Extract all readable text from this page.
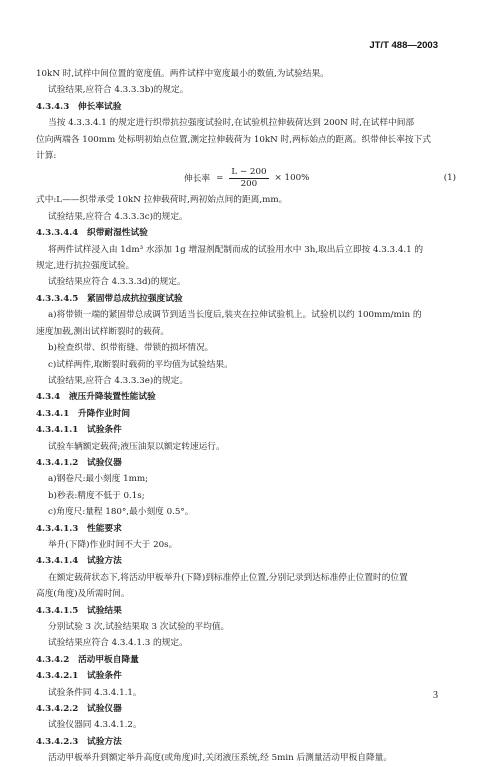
JT/T 488—2003
10kN 时,试样中间位置的宽度值。两件试样中宽度最小的数值,为试验结果。
试验结果,应符合 4.3.3.3b)的规定。
4.3.4.3　伸长率试验
当按 4.3.3.4.1 的规定进行织带抗拉强度试验时,在试验机拉伸载荷达到 200N 时,在试样中间部
位向两端各 100mm 处标明初始点位置,测定拉伸载荷为 10kN 时,两标始点的距离。织带伸长率按下式
计算:
伸长率 = $\frac{L - 200}{200} \times 100\%$	(1)
式中:L——织带承受 10kN 拉伸载荷时,两初始点间的距离,mm。
试验结果,应符合 4.3.3.3c)的规定。
4.3.3.4.4　织带耐湿性试验
将两件试样浸入由 1dm³ 水添加 1g 增湿剂配制而成的试验用水中 3h,取出后立即按 4.3.3.4.1 的
规定,进行抗拉强度试验。
试验结果应符合 4.3.3.3d)的规定。
4.3.3.4.5　紧固带总成抗拉强度试验
a)将带锁一端的紧固带总成调节到适当长度后,装夹在拉伸试验机上。试验机以约 100mm/min 的
速度加载,测出试样断裂时的载荷。
b)检查织带、织带衔缝、带锁的损坏情况。
c)试样两件,取断裂时载荷的平均值为试验结果。
试验结果,应符合 4.3.3.3e)的规定。
4.3.4　液压升降装置性能试验
4.3.4.1　升降作业时间
4.3.4.1.1　试验条件
试验车辆额定载荷;液压油泵以额定转速运行。
4.3.4.1.2　试验仪器
a)钢卷尺:最小刻度 1mm;
b)秒表:精度不低于 0.1s;
c)角度尺:量程 180°,最小刻度 0.5°。
4.3.4.1.3　性能要求
举升(下降)作业时间不大于 20s。
4.3.4.1.4　试验方法
在额定载荷状态下,将活动甲板举升(下降)到标准停止位置,分别记录到达标准停止位置时的位置
高度(角度)及所需时间。
4.3.4.1.5　试验结果
分别试验 3 次,试验结果取 3 次试验的平均值。
试验结果应符合 4.3.4.1.3 的规定。
4.3.4.2　活动甲板自降量
4.3.4.2.1　试验条件
试验条件同 4.3.4.1.1。
4.3.4.2.2　试验仪器
试验仪器同 4.3.4.1.2。
4.3.4.2.3　试验方法
活动甲板举升到额定举升高度(或角度)时,关闭液压系统,经 5min 后测量活动甲板自降量。
3
